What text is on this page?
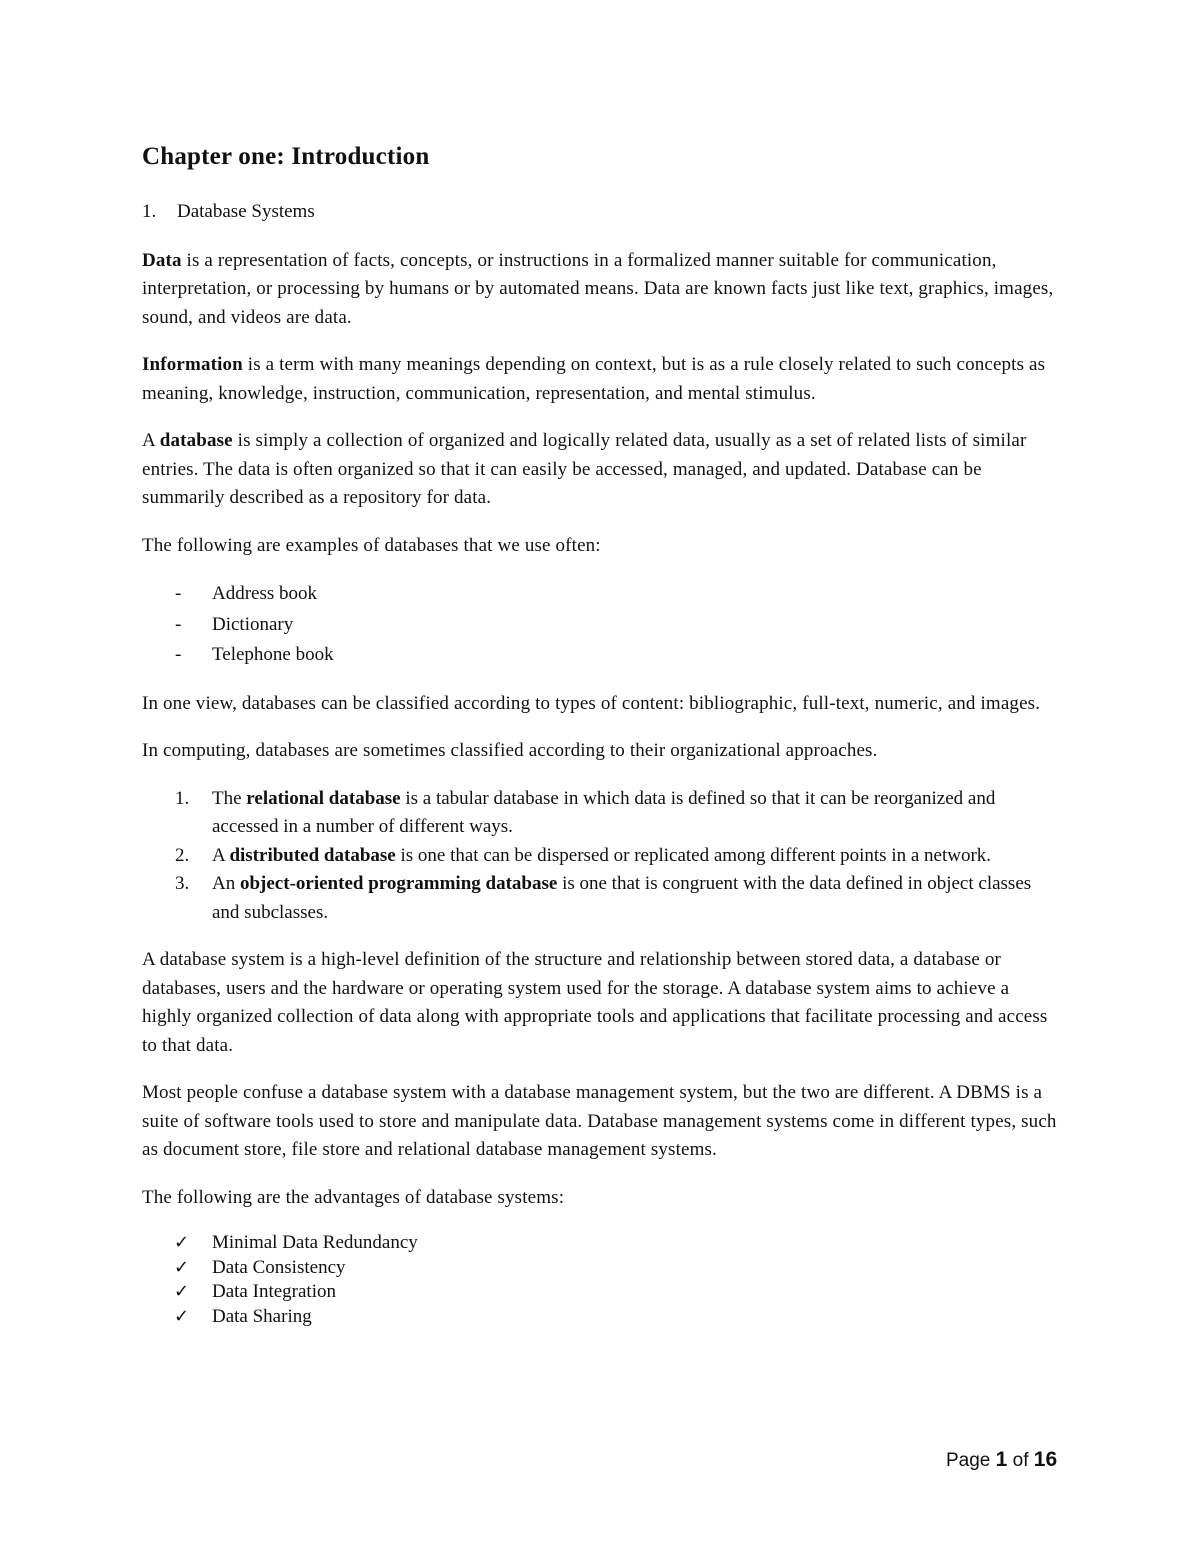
Chapter one: Introduction
1.	Database Systems

Data is a representation of facts, concepts, or instructions in a formalized manner suitable for communication, interpretation, or processing by humans or by automated means. Data are known facts just like text, graphics, images, sound, and videos are data.

Information is a term with many meanings depending on context, but is as a rule closely related to such concepts as meaning, knowledge, instruction, communication, representation, and mental stimulus.

A database is simply a collection of organized and logically related data, usually as a set of related lists of similar entries. The data is often organized so that it can easily be accessed, managed, and updated. Database can be summarily described as a repository for data.

The following are examples of databases that we use often:

-	Address book
-	Dictionary
-	Telephone book

In one view, databases can be classified according to types of content: bibliographic, full-text, numeric, and images.

In computing, databases are sometimes classified according to their organizational approaches.

1.	The relational database is a tabular database in which data is defined so that it can be reorganized and accessed in a number of different ways.
2.	A distributed database is one that can be dispersed or replicated among different points in a network.
3.	An object-oriented programming database is one that is congruent with the data defined in object classes and subclasses.

A database system is a high-level definition of the structure and relationship between stored data, a database or databases, users and the hardware or operating system used for the storage. A database system aims to achieve a highly organized collection of data along with appropriate tools and applications that facilitate processing and access to that data.

Most people confuse a database system with a database management system, but the two are different. A DBMS is a suite of software tools used to store and manipulate data. Database management systems come in different types, such as document store, file store and relational database management systems.

The following are the advantages of database systems:

✓	Minimal Data Redundancy
✓	Data Consistency
✓	Data Integration
✓	Data Sharing
Page 1 of 16
